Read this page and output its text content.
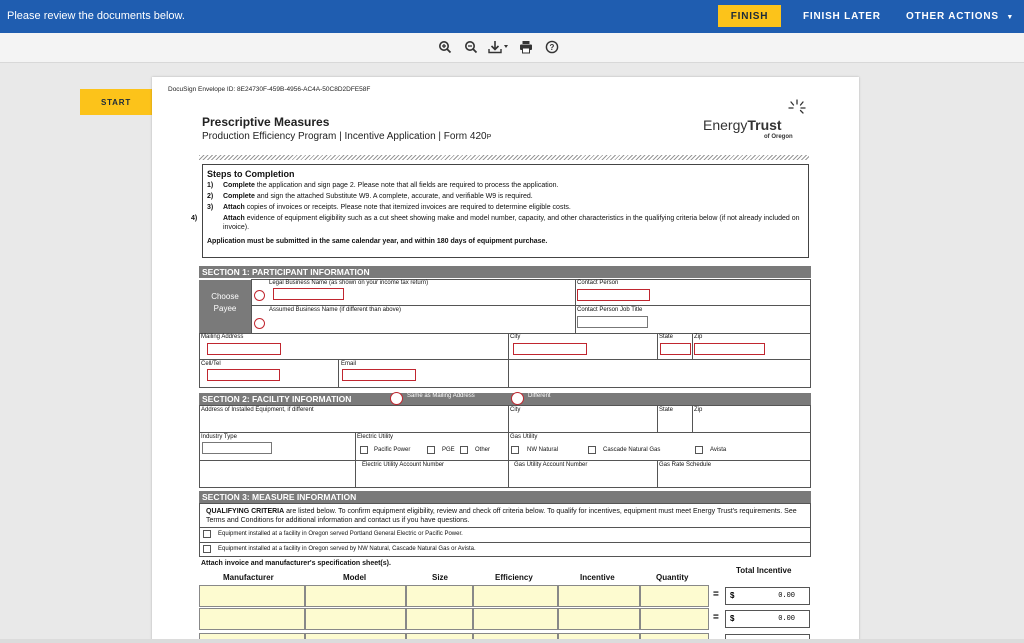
Please review the documents below.	FINISH	FINISH LATER	OTHER ACTIONS ▼
?
START
DocuSign Envelope ID: 8E24730F-459B-4956-AC4A-50C8D2DFE58F
Prescriptive Measures
Production Efficiency Program | Incentive Application | Form 420P
EnergyTrust
of Oregon
Steps to Completion
1) Complete the application and sign page 2. Please note that all fields are required to process the application.
2) Complete and sign the attached Substitute W9. A complete, accurate, and verifiable W9 is required.
3) Attach copies of invoices or receipts. Please note that itemized invoices are required to determine eligible costs.
4)	Attach evidence of equipment eligibility such as a cut sheet showing make and model number, capacity, and other characteristics in the qualifying criteria below (if not already included on invoice).
Application must be submitted in the same calendar year, and within 180 days of equipment purchase.
SECTION 1: PARTICIPANT INFORMATION
Choose Payee
Legal Business Name (as shown on your income tax return)	Contact Person
Assumed Business Name (if different than above)	Contact Person Job Title
Mailing Address	City	State	Zip
Cell/Tel	Email
SECTION 2: FACILITY INFORMATION	Same as Mailing Address	Different
Address of Installed Equipment, if different	City	State	Zip
Industry Type	Electric Utility
Pacific Power	PGE	Other
Gas Utility
NW Natural	Cascade Natural Gas	Avista
Electric Utility Account Number	Gas Utility Account Number	Gas Rate Schedule
SECTION 3: MEASURE INFORMATION
QUALIFYING CRITERIA are listed below. To confirm equipment eligibility, review and check off criteria below. To qualify for incentives, equipment must meet Energy Trust's requirements. See Terms and Conditions for additional information and contact us if you have questions.
Equipment installed at a facility in Oregon served Portland General Electric or Pacific Power.
Equipment installed at a facility in Oregon served by NW Natural, Cascade Natural Gas or Avista.
Attach invoice and manufacturer's specification sheet(s).
Total Incentive
Manufacturer	Model	Size	Efficiency	Incentive	Quantity
= $	0.00
= $	0.00
